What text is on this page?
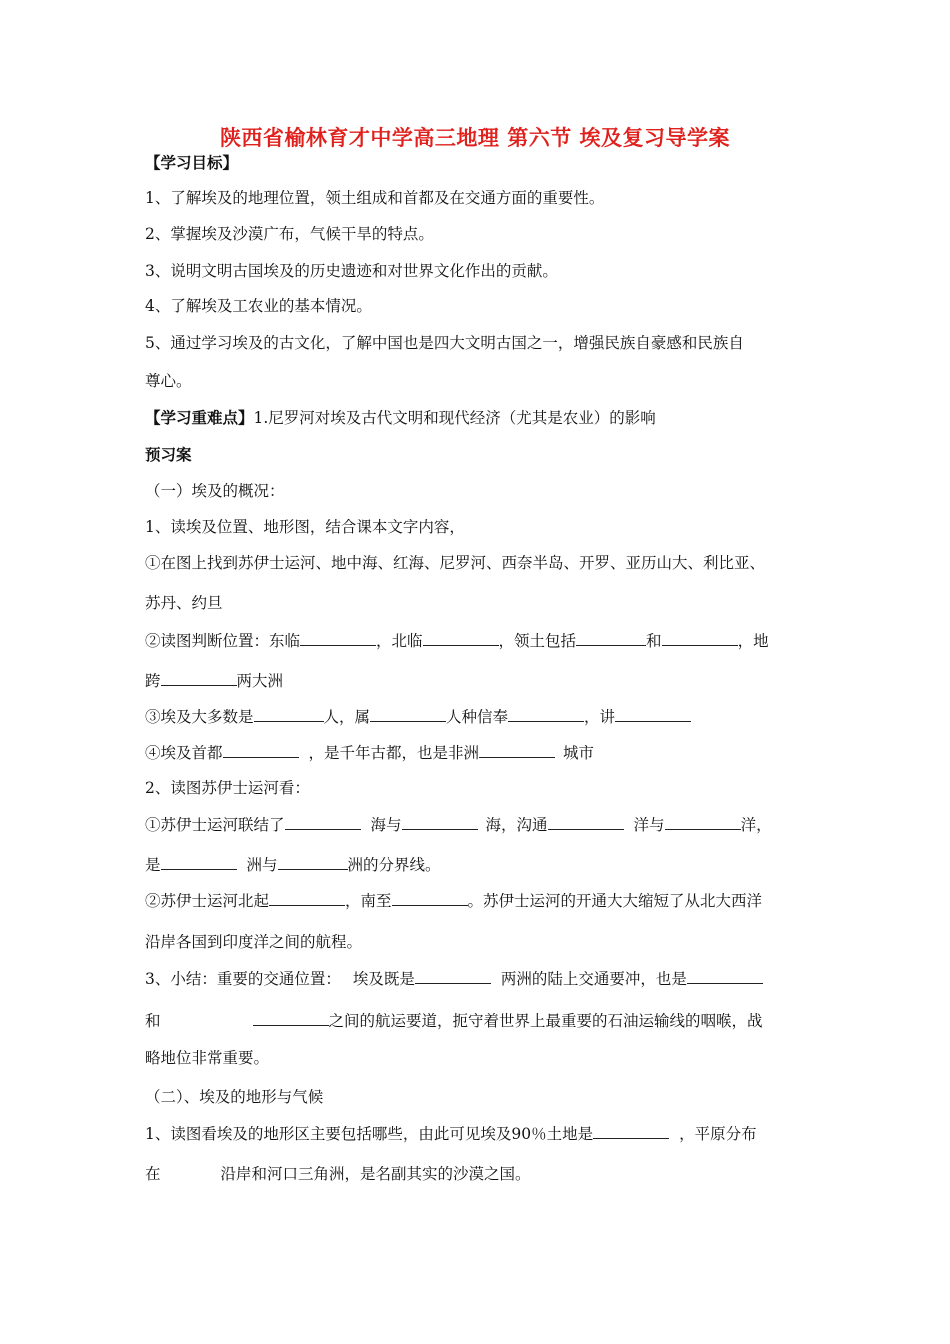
陕西省榆林育才中学高三地理 第六节 埃及复习导学案
【学习目标】
1、了解埃及的地理位置，领土组成和首都及在交通方面的重要性。
2、掌握埃及沙漠广布，气候干旱的特点。
3、说明文明古国埃及的历史遗迹和对世界文化作出的贡献。
4、了解埃及工农业的基本情况。
5、通过学习埃及的古文化，了解中国也是四大文明古国之一，增强民族自豪感和民族自
尊心。
【学习重难点】1.尼罗河对埃及古代文明和现代经济（尤其是农业）的影响
预习案
（一）埃及的概况：
1、读埃及位置、地形图，结合课本文字内容，
①在图上找到苏伊士运河、地中海、红海、尼罗河、西奈半岛、开罗、亚历山大、利比亚、
苏丹、约旦
②读图判断位置：东临	，北临	，领土包括	和	，地
跨	两大洲
③埃及大多数是	人，属	人种信奉	，讲
④埃及首都	，是千年古都，也是非洲	城市
2、读图苏伊士运河看：
①苏伊士运河联结了	海与	海，沟通	洋与	洋，
是	洲与	洲的分界线。
②苏伊士运河北起	，南至	。苏伊士运河的开通大大缩短了从北大西洋
沿岸各国到印度洋之间的航程。
3、小结：重要的交通位置： 埃及既是	两洲的陆上交通要冲，也是
和	之间的航运要道，扼守着世界上最重要的石油运输线的咽喉，战
略地位非常重要。
（二）、埃及的地形与气候
1、读图看埃及的地形区主要包括哪些，由此可见埃及90％土地是	，平原分布
在	沿岸和河口三角洲，是名副其实的沙漠之国。
